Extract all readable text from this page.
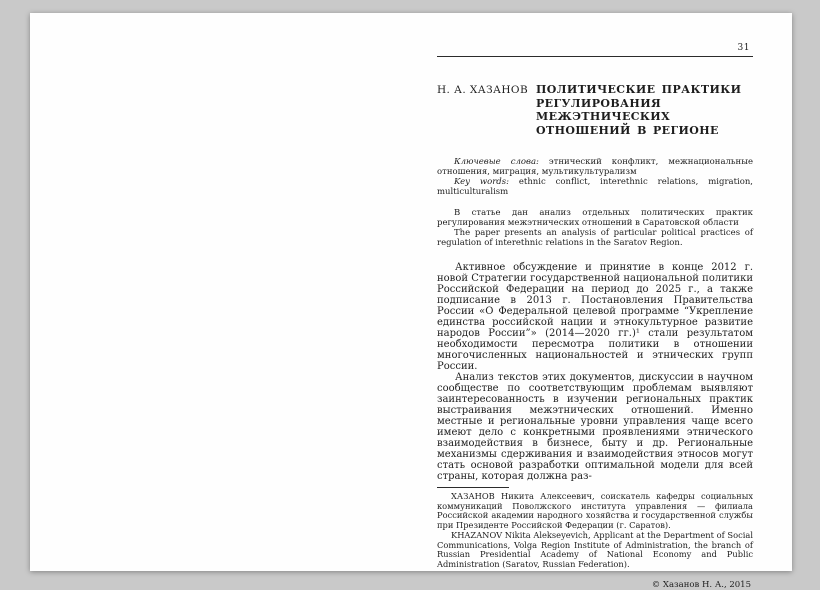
31
Н. А. ХАЗАНОВ ПОЛИТИЧЕСКИЕ ПРАКТИКИ
РЕГУЛИРОВАНИЯ МЕЖЭТНИЧЕСКИХ
ОТНОШЕНИЙ В РЕГИОНЕ

Ключевые слова: этнический конфликт, межнациональные отношения, миграция, мультикультурализм

Key words: ethnic conflict, interethnic relations, migration, multiculturalism

В статье дан анализ отдельных политических практик регулирования межэтнических отношений в Саратовской области

The paper presents an analysis of particular political practices of regulation of interethnic relations in the Saratov Region.

Активное обсуждение и принятие в конце 2012 г. новой Стратегии государственной национальной политики Российской Федерации на период до 2025 г., а также подписание в 2013 г. Постановления Правительства России «О Федеральной целевой программе “Укрепление единства российской нации и этнокультурное развитие народов России”» (2014—2020 гг.)¹ стали результатом необходимости пересмотра политики в отношении многочисленных национальностей и этнических групп России.

Анализ текстов этих документов, дискуссии в научном сообществе по соответствующим проблемам выявляют заинтересованность в изучении региональных практик выстраивания межэтнических отношений. Именно местные и региональные уровни управления чаще всего имеют дело с конкретными проявлениями этнического взаимодействия в бизнесе, быту и др. Региональные механизмы сдерживания и взаимодействия этносов могут стать основой разработки оптимальной модели для всей страны, которая должна раз-

ХАЗАНОВ Никита Алексеевич, соискатель кафедры социальных коммуникаций Поволжского института управления — филиала Российской академии народного хозяйства и государственной службы при Президенте Российской Федерации (г. Саратов).

KHAZANOV Nikita Alekseyevich, Applicant at the Department of Social Communications, Volga Region Institute of Administration, the branch of Russian Presidential Academy of National Economy and Public Administration (Saratov, Russian Federation).

© Хазанов Н. А., 2015
